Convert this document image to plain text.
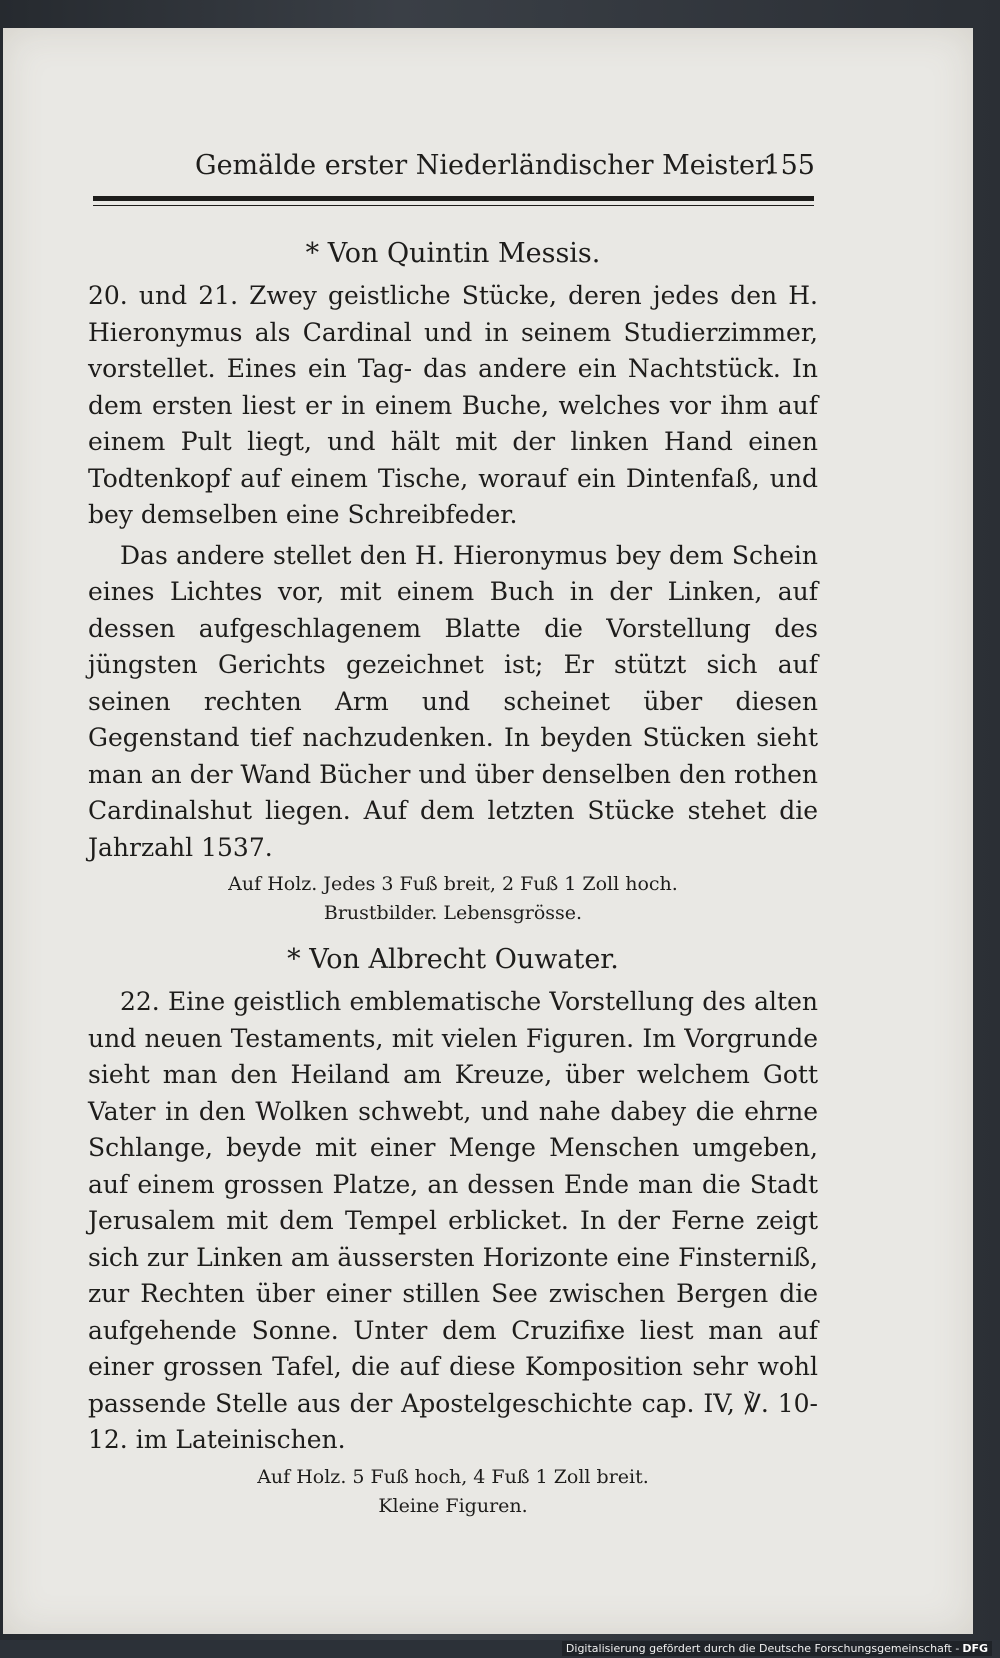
Gemälde erster Niederländischer Meister.
155
* Von Quintin Messis.

20. und 21. Zwey geistliche Stücke, deren jedes den H. Hieronymus als Cardinal und in seinem Studierzimmer, vorstellet. Eines ein Tag- das andere ein Nachtstück. In dem ersten liest er in einem Buche, welches vor ihm auf einem Pult liegt, und hält mit der linken Hand einen Todtenkopf auf einem Tische, worauf ein Dintenfaß, und bey demselben eine Schreibfeder.

Das andere stellet den H. Hieronymus bey dem Schein eines Lichtes vor, mit einem Buch in der Linken, auf dessen aufgeschlagenem Blatte die Vorstellung des jüngsten Gerichts gezeichnet ist; Er stützt sich auf seinen rechten Arm und scheinet über diesen Gegenstand tief nachzudenken. In beyden Stücken sieht man an der Wand Bücher und über denselben den rothen Cardinalshut liegen. Auf dem letzten Stücke stehet die Jahrzahl 1537.

Auf Holz. Jedes 3 Fuß breit, 2 Fuß 1 Zoll hoch.
Brustbilder. Lebensgrösse.
* Von Albrecht Ouwater.

22. Eine geistlich emblematische Vorstellung des alten und neuen Testaments, mit vielen Figuren. Im Vorgrunde sieht man den Heiland am Kreuze, über welchem Gott Vater in den Wolken schwebt, und nahe dabey die ehrne Schlange, beyde mit einer Menge Menschen umgeben, auf einem grossen Platze, an dessen Ende man die Stadt Jerusalem mit dem Tempel erblicket. In der Ferne zeigt sich zur Linken am äussersten Horizonte eine Finsterniß, zur Rechten über einer stillen See zwischen Bergen die aufgehende Sonne. Unter dem Cruzifixe liest man auf einer grossen Tafel, die auf diese Komposition sehr wohl passende Stelle aus der Apostelgeschichte cap. IV, ℣. 10-12. im Lateinischen.

Auf Holz. 5 Fuß hoch, 4 Fuß 1 Zoll breit.
Kleine Figuren.
Digitalisierung gefördert durch die Deutsche Forschungsgemeinschaft - DFG
